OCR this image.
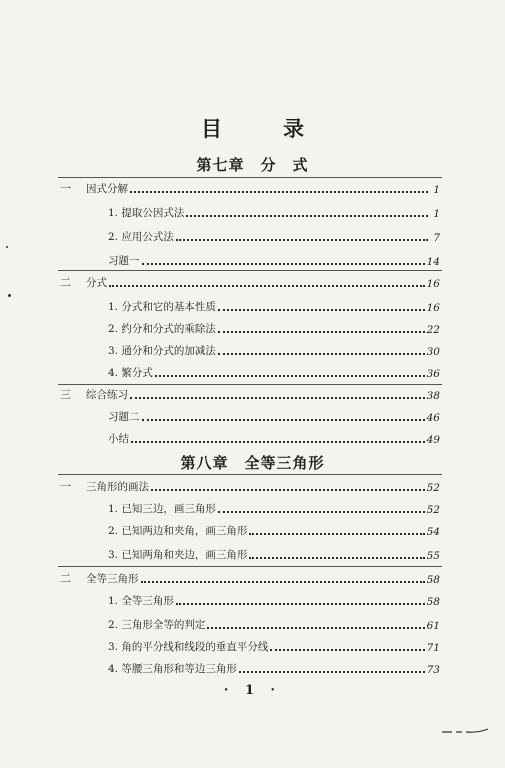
目　录
第七章　分　式
一	因式分解	1
1. 提取公因式法	1
2. 应用公式法	7
习题一	14
二	分式	16
1. 分式和它的基本性质	16
2. 约分和分式的乘除法	22
3. 通分和分式的加减法	30
4. 繁分式	36
三	综合练习	38
习题二	46
小结	49
第八章　全等三角形
一	三角形的画法	52
1. 已知三边，画三角形	52
2. 已知两边和夹角，画三角形	54
3. 已知两角和夹边，画三角形	55
二	全等三角形	58
1. 全等三角形	58
2. 三角形全等的判定	61
3. 角的平分线和线段的垂直平分线	71
4. 等腰三角形和等边三角形	73
· 1 ·
